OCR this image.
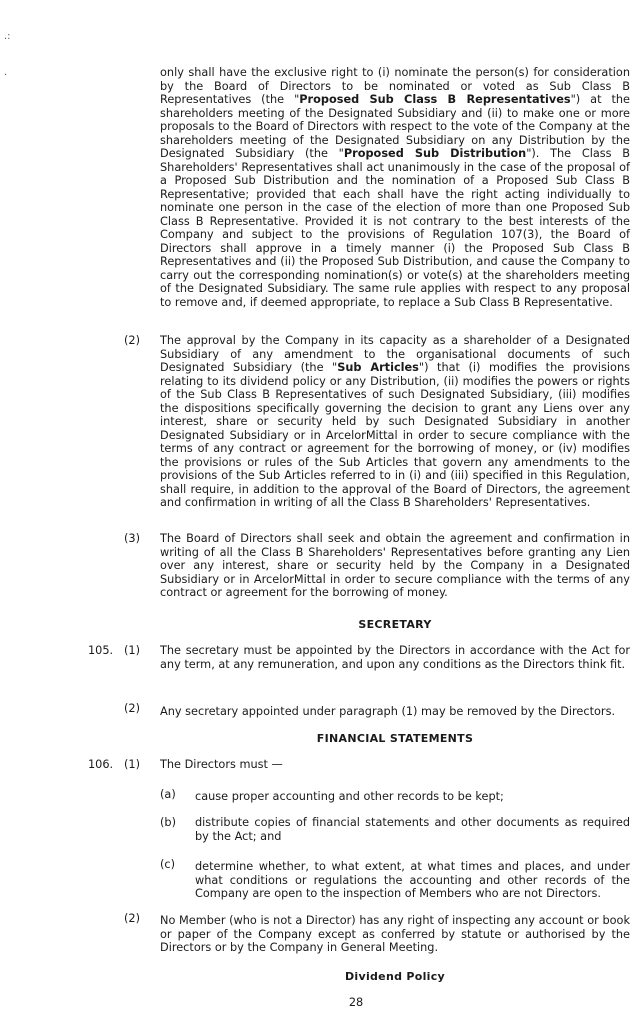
.:
.	only shall have the exclusive right to (i) nominate the person(s) for consideration by the Board of Directors to be nominated or voted as Sub Class B Representatives (the "Proposed Sub Class B Representatives") at the shareholders meeting of the Designated Subsidiary and (ii) to make one or more proposals to the Board of Directors with respect to the vote of the Company at the shareholders meeting of the Designated Subsidiary on any Distribution by the Designated Subsidiary (the "Proposed Sub Distribution"). The Class B Shareholders' Representatives shall act unanimously in the case of the proposal of a Proposed Sub Distribution and the nomination of a Proposed Sub Class B Representative; provided that each shall have the right acting individually to nominate one person in the case of the election of more than one Proposed Sub Class B Representative. Provided it is not contrary to the best interests of the Company and subject to the provisions of Regulation 107(3), the Board of Directors shall approve in a timely manner (i) the Proposed Sub Class B Representatives and (ii) the Proposed Sub Distribution, and cause the Company to carry out the corresponding nomination(s) or vote(s) at the shareholders meeting of the Designated Subsidiary. The same rule applies with respect to any proposal to remove and, if deemed appropriate, to replace a Sub Class B Representative.
(2) The approval by the Company in its capacity as a shareholder of a Designated Subsidiary of any amendment to the organisational documents of such Designated Subsidiary (the "Sub Articles") that (i) modifies the provisions relating to its dividend policy or any Distribution, (ii) modifies the powers or rights of the Sub Class B Representatives of such Designated Subsidiary, (iii) modifies the dispositions specifically governing the decision to grant any Liens over any interest, share or security held by such Designated Subsidiary in another Designated Subsidiary or in ArcelorMittal in order to secure compliance with the terms of any contract or agreement for the borrowing of money, or (iv) modifies the provisions or rules of the Sub Articles that govern any amendments to the provisions of the Sub Articles referred to in (i) and (iii) specified in this Regulation, shall require, in addition to the approval of the Board of Directors, the agreement and confirmation in writing of all the Class B Shareholders' Representatives.
(3) The Board of Directors shall seek and obtain the agreement and confirmation in writing of all the Class B Shareholders' Representatives before granting any Lien over any interest, share or security held by the Company in a Designated Subsidiary or in ArcelorMittal in order to secure compliance with the terms of any contract or agreement for the borrowing of money.
SECRETARY
105. (1) The secretary must be appointed by the Directors in accordance with the Act for any term, at any remuneration, and upon any conditions as the Directors think fit.
(2) Any secretary appointed under paragraph (1) may be removed by the Directors.
FINANCIAL STATEMENTS
106. (1) The Directors must —
(a) cause proper accounting and other records to be kept;
(b) distribute copies of financial statements and other documents as required by the Act; and
(c) determine whether, to what extent, at what times and places, and under what conditions or regulations the accounting and other records of the Company are open to the inspection of Members who are not Directors.
(2) No Member (who is not a Director) has any right of inspecting any account or book or paper of the Company except as conferred by statute or authorised by the Directors or by the Company in General Meeting.
Dividend Policy
28
